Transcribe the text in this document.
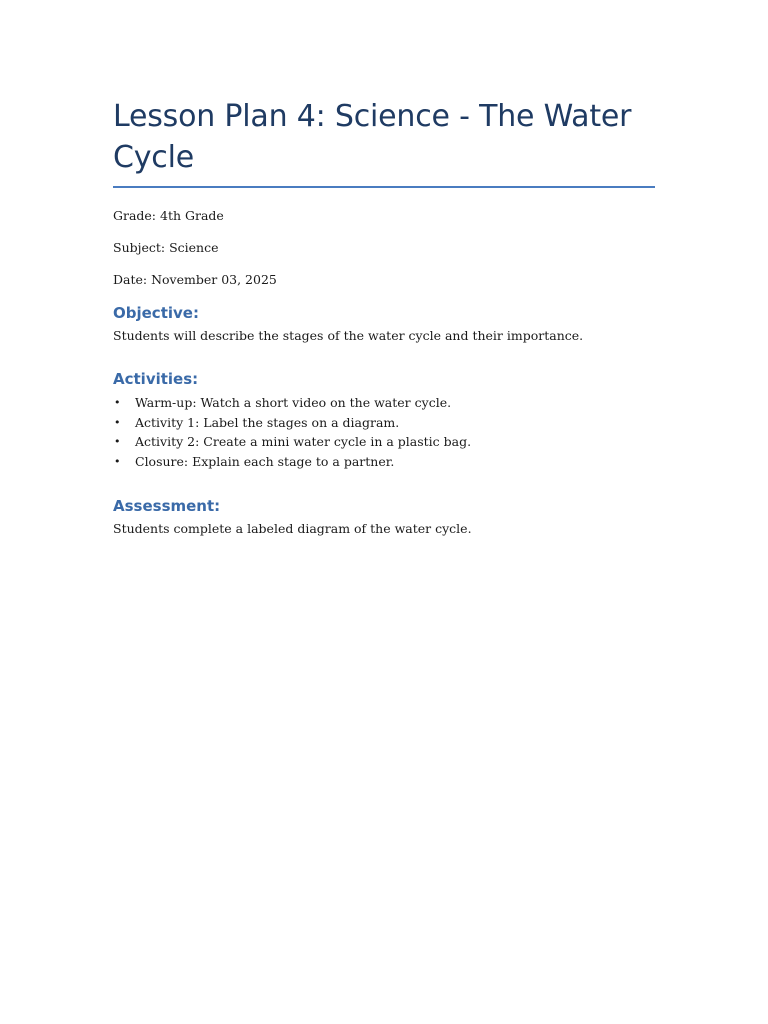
Lesson Plan 4: Science - The Water Cycle

Grade: 4th Grade

Subject: Science

Date: November 03, 2025

Objective:

Students will describe the stages of the water cycle and their importance.

Activities:
• Warm-up: Watch a short video on the water cycle.
• Activity 1: Label the stages on a diagram.
• Activity 2: Create a mini water cycle in a plastic bag.
• Closure: Explain each stage to a partner.
Assessment:

Students complete a labeled diagram of the water cycle.
